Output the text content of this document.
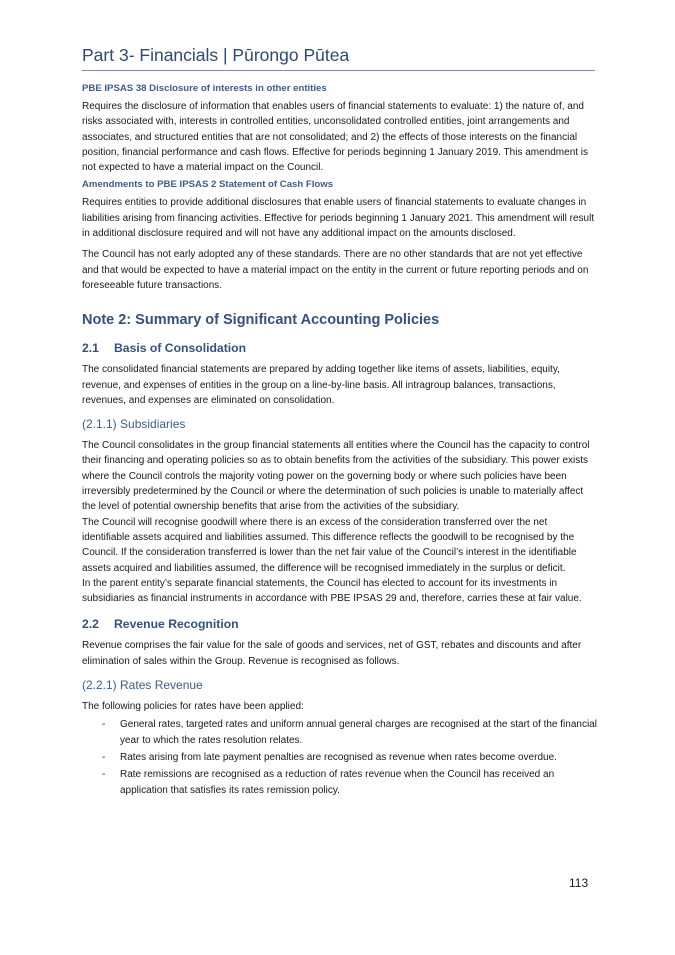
Part 3- Financials | Pūrongo Pūtea
PBE IPSAS 38 Disclosure of interests in other entities

Requires the disclosure of information that enables users of financial statements to evaluate: 1) the nature of, and risks associated with, interests in controlled entities, unconsolidated controlled entities, joint arrangements and associates, and structured entities that are not consolidated; and 2) the effects of those interests on the financial position, financial performance and cash flows. Effective for periods beginning 1 January 2019. This amendment is not expected to have a material impact on the Council.

Amendments to PBE IPSAS 2 Statement of Cash Flows

Requires entities to provide additional disclosures that enable users of financial statements to evaluate changes in liabilities arising from financing activities. Effective for periods beginning 1 January 2021. This amendment will result in additional disclosure required and will not have any additional impact on the amounts disclosed.

The Council has not early adopted any of these standards. There are no other standards that are not yet effective and that would be expected to have a material impact on the entity in the current or future reporting periods and on foreseeable future transactions.

Note 2: Summary of Significant Accounting Policies
2.1 Basis of Consolidation

The consolidated financial statements are prepared by adding together like items of assets, liabilities, equity, revenue, and expenses of entities in the group on a line-by-line basis. All intragroup balances, transactions, revenues, and expenses are eliminated on consolidation.

(2.1.1) Subsidiaries

The Council consolidates in the group financial statements all entities where the Council has the capacity to control their financing and operating policies so as to obtain benefits from the activities of the subsidiary. This power exists where the Council controls the majority voting power on the governing body or where such policies have been irreversibly predetermined by the Council or where the determination of such policies is unable to materially affect the level of potential ownership benefits that arise from the activities of the subsidiary.

The Council will recognise goodwill where there is an excess of the consideration transferred over the net identifiable assets acquired and liabilities assumed. This difference reflects the goodwill to be recognised by the Council. If the consideration transferred is lower than the net fair value of the Council’s interest in the identifiable assets acquired and liabilities assumed, the difference will be recognised immediately in the surplus or deficit.

In the parent entity’s separate financial statements, the Council has elected to account for its investments in subsidiaries as financial instruments in accordance with PBE IPSAS 29 and, therefore, carries these at fair value.

2.2 Revenue Recognition

Revenue comprises the fair value for the sale of goods and services, net of GST, rebates and discounts and after elimination of sales within the Group. Revenue is recognised as follows.

(2.2.1) Rates Revenue

The following policies for rates have been applied:

- General rates, targeted rates and uniform annual general charges are recognised at the start of the financial year to which the rates resolution relates.
- Rates arising from late payment penalties are recognised as revenue when rates become overdue.
- Rate remissions are recognised as a reduction of rates revenue when the Council has received an application that satisfies its rates remission policy.
113
